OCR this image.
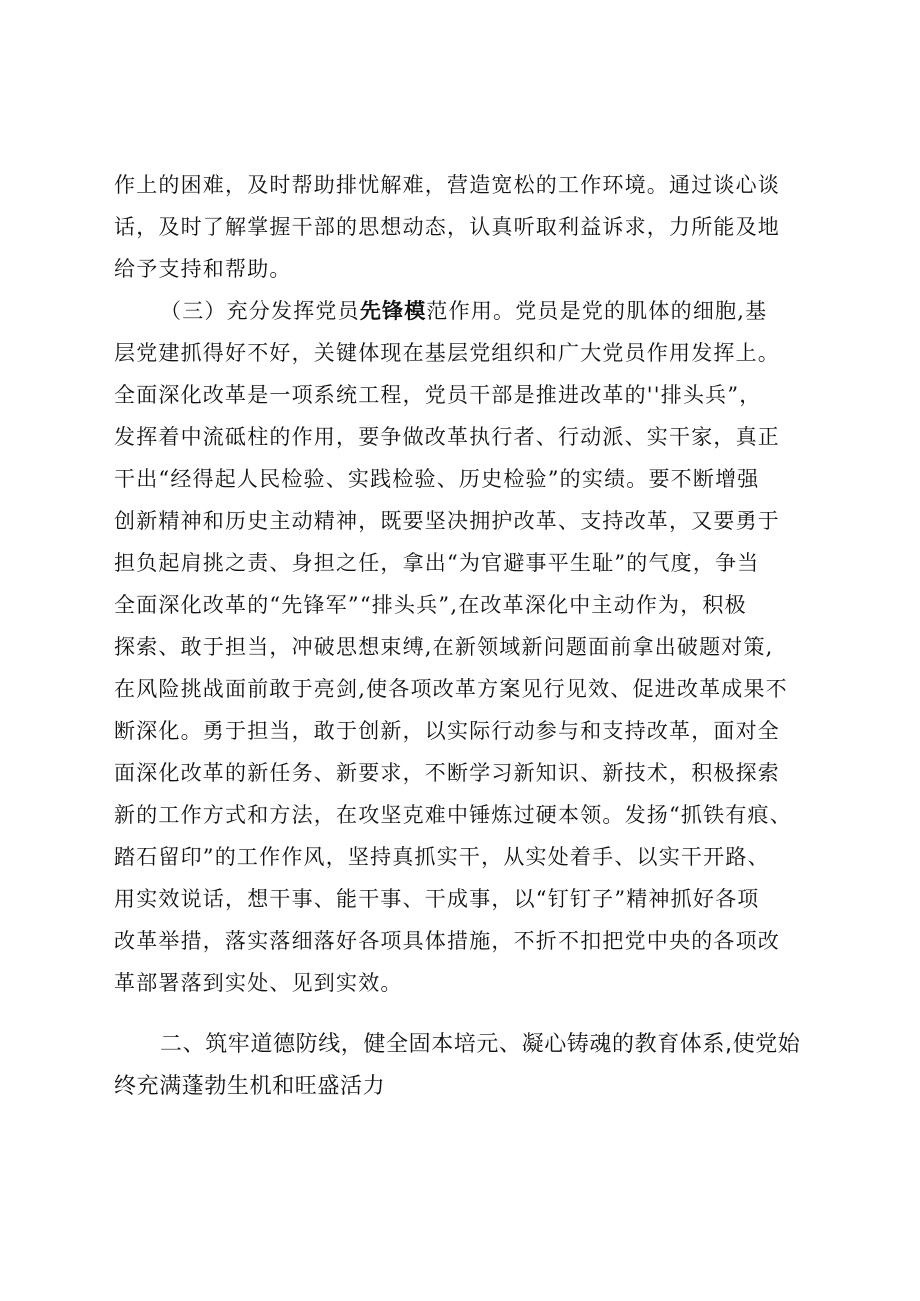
作上的困难，及时帮助排忧解难，营造宽松的工作环境。通过谈心谈
话，及时了解掌握干部的思想动态，认真听取利益诉求，力所能及地
给予支持和帮助。
（三）充分发挥党员先锋模范作用。党员是党的肌体的细胞,基
层党建抓得好不好，关键体现在基层党组织和广大党员作用发挥上。
全面深化改革是一项系统工程，党员干部是推进改革的''排头兵”，
发挥着中流砥柱的作用，要争做改革执行者、行动派、实干家，真正
干出“经得起人民检验、实践检验、历史检验”的实绩。要不断增强
创新精神和历史主动精神，既要坚决拥护改革、支持改革，又要勇于
担负起肩挑之责、身担之任，拿出“为官避事平生耻”的气度，争当
全面深化改革的“先锋军”“排头兵”,在改革深化中主动作为，积极
探索、敢于担当，冲破思想束缚,在新领域新问题面前拿出破题对策,
在风险挑战面前敢于亮剑,使各项改革方案见行见效、促进改革成果不
断深化。勇于担当，敢于创新，以实际行动参与和支持改革，面对全
面深化改革的新任务、新要求，不断学习新知识、新技术，积极探索
新的工作方式和方法，在攻坚克难中锤炼过硬本领。发扬“抓铁有痕、
踏石留印”的工作作风，坚持真抓实干，从实处着手、以实干开路、
用实效说话，想干事、能干事、干成事，以“钉钉子”精神抓好各项
改革举措，落实落细落好各项具体措施，不折不扣把党中央的各项改
革部署落到实处、见到实效。
二、筑牢道德防线，健全固本培元、凝心铸魂的教育体系,使党始
终充满蓬勃生机和旺盛活力
